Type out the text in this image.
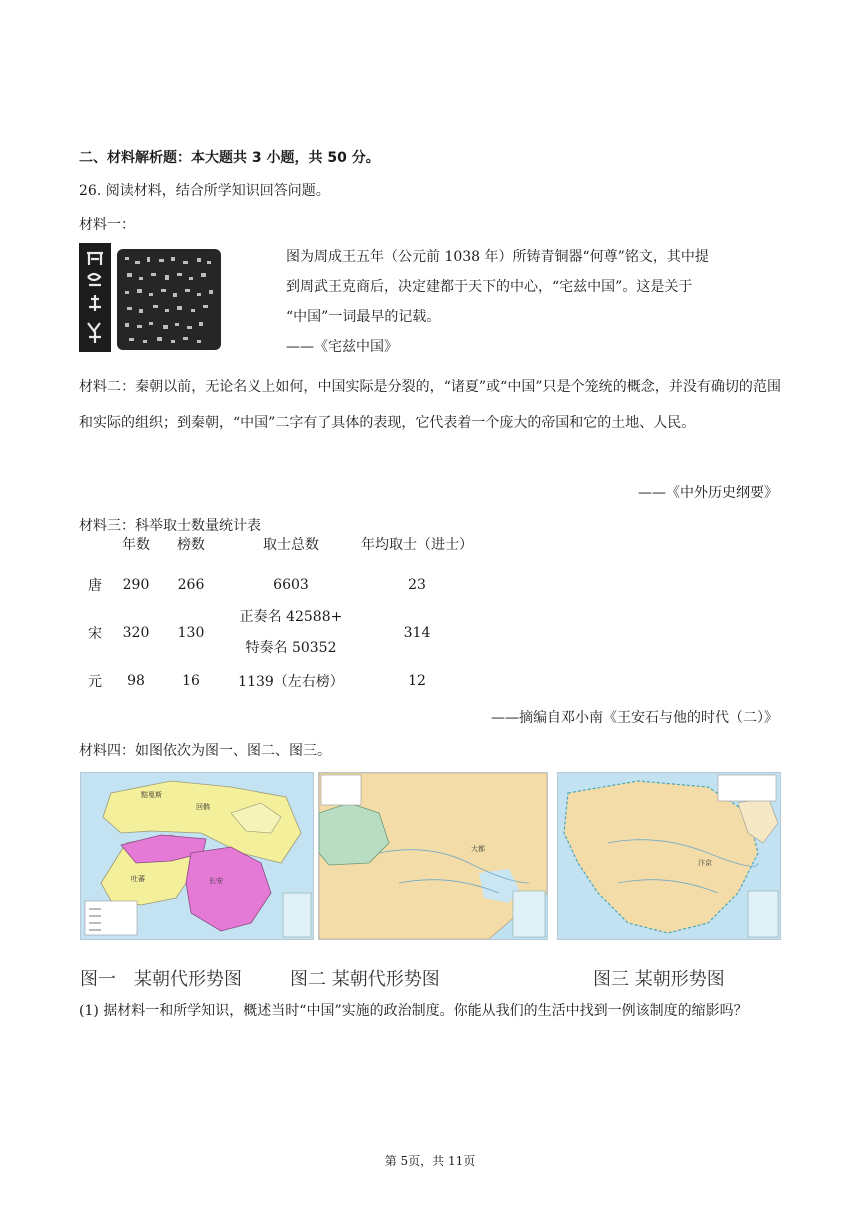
二、材料解析题：本大题共 3 小题，共 50 分。
26. 阅读材料，结合所学知识回答问题。
材料一：
图为周成王五年（公元前 1038 年）所铸青铜器“何尊”铭文，其中提
到周武王克商后，决定建都于天下的中心，“宅兹中国”。这是关于
“中国”一词最早的记载。
——《宅兹中国》
材料二：秦朝以前，无论名义上如何，中国实际是分裂的，“诸夏”或“中国”只是个笼统的概念，并没有确切的范围和实际的组织；到秦朝，“中国”二字有了具体的表现，它代表着一个庞大的帝国和它的土地、人民。
——《中外历史纲要》
材料三：科举取士数量统计表
	年数	榜数	取士总数	年均取士（进士）
唐	290	266	6603	23
宋	320	130	正奏名 42588+
特奏名 50352	314
元	98	16	1139（左右榜）	12
——摘编自邓小南《王安石与他的时代（二）》
材料四：如图依次为图一、图二、图三。
回鹘
长安
黠戛斯
吐蕃
大都
汴京
图一　某朝代形势图	图二 某朝代形势图	图三 某朝形势图
(1) 据材料一和所学知识，概述当时“中国”实施的政治制度。你能从我们的生活中找到一例该制度的缩影吗？
第 5页，共 11页
